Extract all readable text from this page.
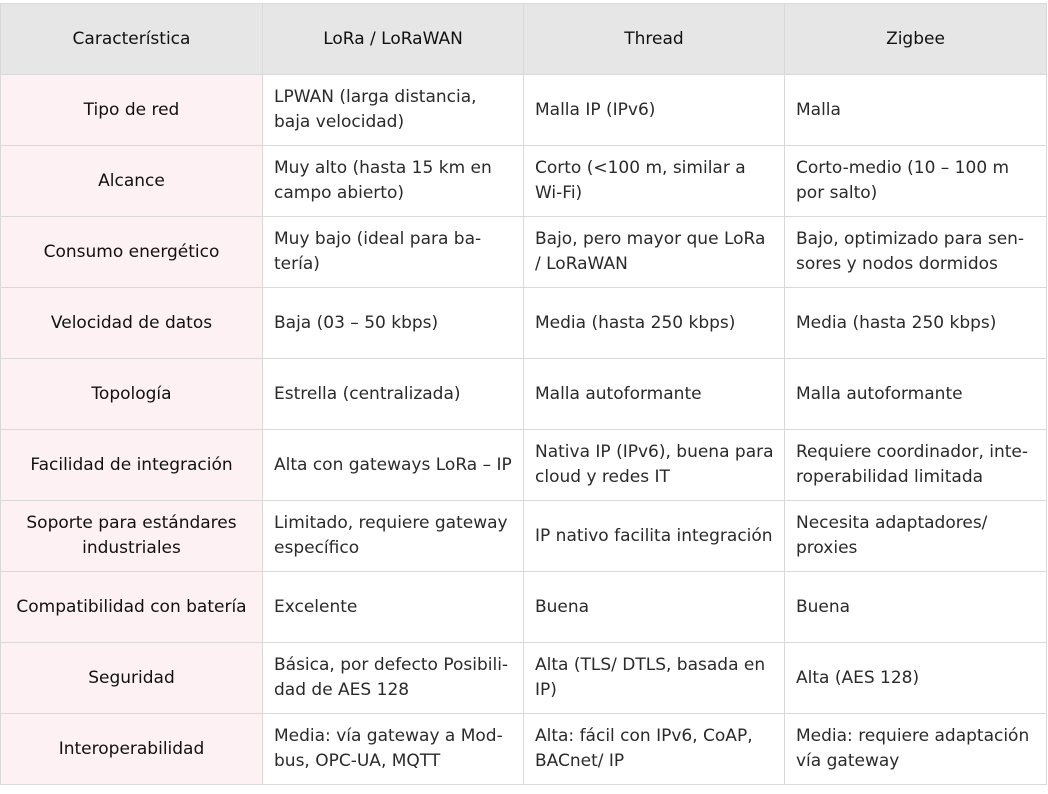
Característica	LoRa / LoRaWAN	Thread	Zigbee
Tipo de red	LPWAN (larga distancia, baja velocidad)	Malla IP (IPv6)	Malla
Alcance	Muy alto (hasta 15 km en campo abierto)	Corto (<100 m, similar a Wi-Fi)	Corto-medio (10 – 100 m por salto)
Consumo energético	Muy bajo (ideal para ba-tería)	Bajo, pero mayor que LoRa / LoRaWAN	Bajo, optimizado para sen-sores y nodos dormidos
Velocidad de datos	Baja (03 – 50 kbps)	Media (hasta 250 kbps)	Media (hasta 250 kbps)
Topología	Estrella (centralizada)	Malla autoformante	Malla autoformante
Facilidad de integración	Alta con gateways LoRa – IP	Nativa IP (IPv6), buena para cloud y redes IT	Requiere coordinador, inte-roperabilidad limitada
Soporte para estándares industriales	Limitado, requiere gateway específico	IP nativo facilita integración	Necesita adaptadores/ proxies
Compatibilidad con batería	Excelente	Buena	Buena
Seguridad	Básica, por defecto Posibili-dad de AES 128	Alta (TLS/ DTLS, basada en IP)	Alta (AES 128)
Interoperabilidad	Media: vía gateway a Mod-bus, OPC-UA, MQTT	Alta: fácil con IPv6, CoAP, BACnet/ IP	Media: requiere adaptación vía gateway
